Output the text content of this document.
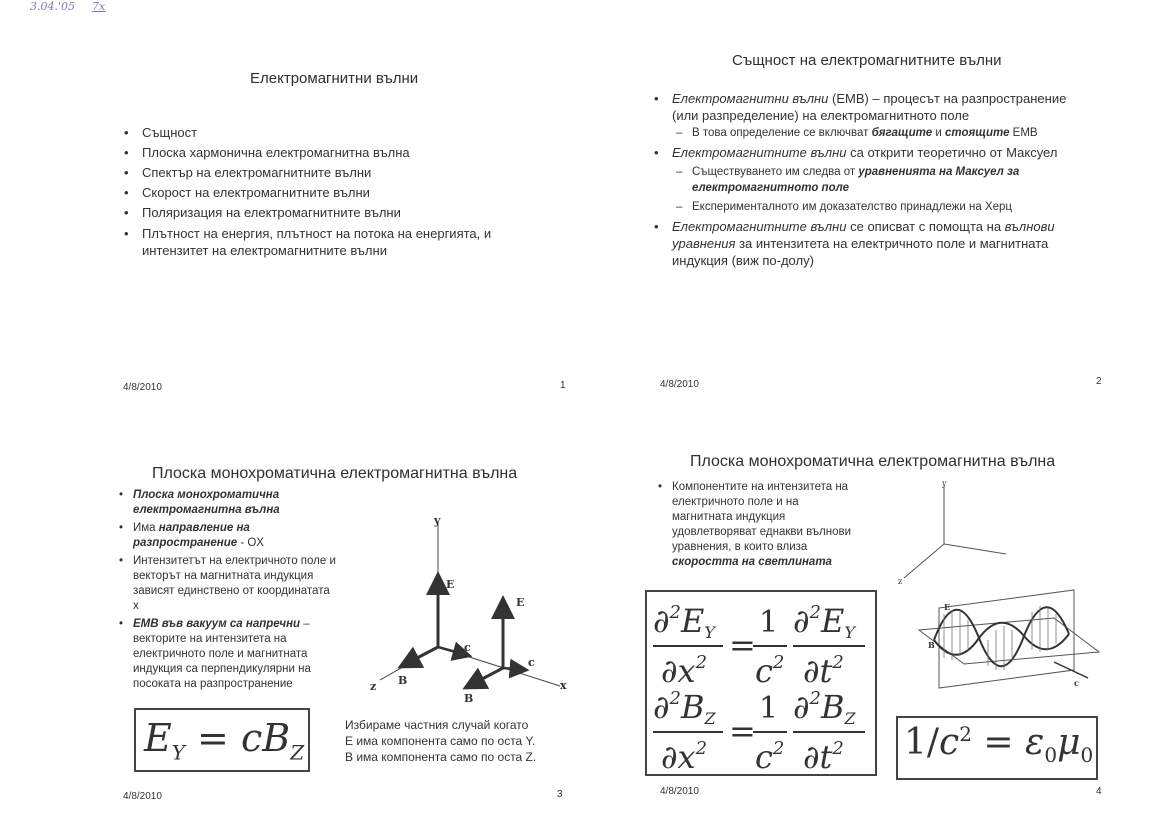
3.04.'05 7x
Електромагнитни вълни
• Същност
• Плоска хармонична електромагнитна вълна
• Спектър на електромагнитните вълни
• Скорост на електромагнитните вълни
• Поляризация на електромагнитните вълни
• Плътност на енергия, плътност на потока на енергията, и интензитет на електромагнитните вълни
4/8/2010	1
Същност на електромагнитните вълни
• Електромагнитни вълни (ЕМВ) – процесът на разпространение (или разпределение) на електромагнитното поле
– В това определение се включват бягащите и стоящите ЕМВ
• Електромагнитните вълни са открити теоретично от Максуел
– Съществуването им следва от уравненията на Максуел за електромагнитното поле
– Експерименталното им доказателство принадлежи на Херц
• Електромагнитните вълни се описват с помощта на вълнови уравнения за интензитета на електричното поле и магнитната индукция (виж по-долу)
4/8/2010	2
Плоска монохроматична електромагнитна вълна
• Плоска монохроматична електромагнитна вълна
• Има направление на разпространение - OX
• Интензитетът на електричното поле и векторът на магнитната индукция зависят единствено от координатата x
• ЕМВ във вакуум са напречни – векторите на интензитета на електричното поле и магнитната индукция са перпендикулярни на посоката на разпространение
y
E
c
B
z
E
c
B
x
$E_Y = cB_Z$
Избираме частния случай когато
E има компонента само по оста Y.
B има компонента само по оста Z.
4/8/2010	3
Плоска монохроматична електромагнитна вълна
• Компонентите на интензитета на електричното поле и на магнитната индукция удовлетворяват еднакви вълнови уравнения, в които влиза скоростта на светлината
∂$^2$EY
$\partial x^2$ =
1
$c^2$
∂$^2$EY
$\partial t^2$
∂$^2$BZ
$\partial x^2$ =
1
$c^2$
∂$^2$BZ
$\partial t^2$ $1/c^2 = \varepsilon_0\mu_0$
y
z
E
B
c
4/8/2010	4
